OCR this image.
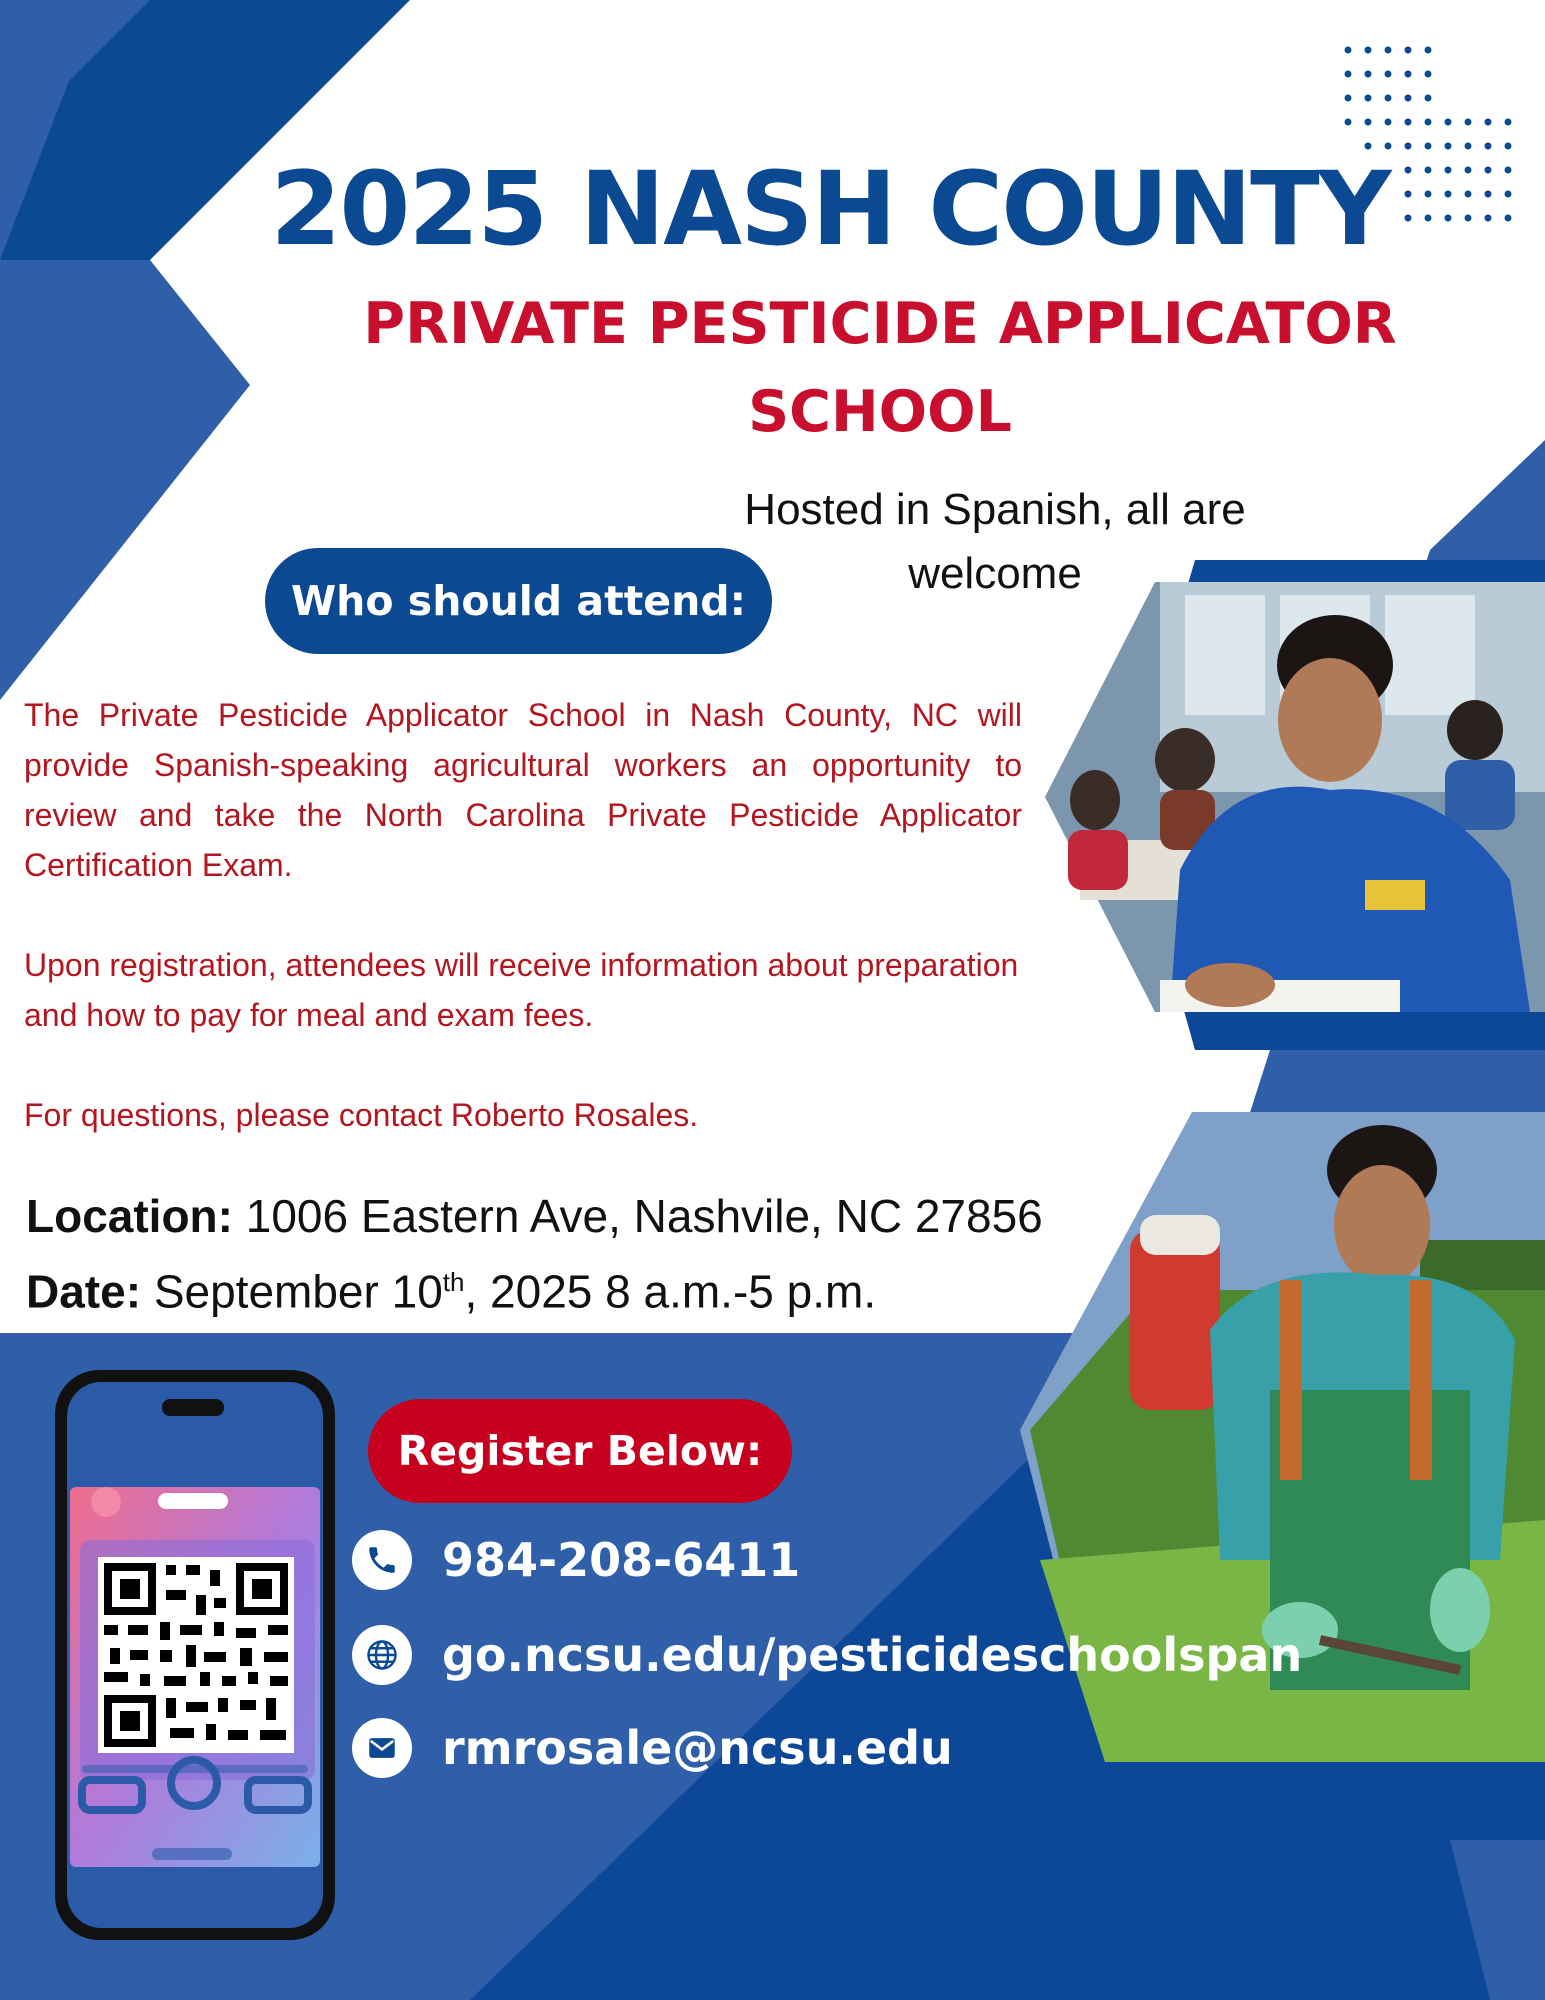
2025 NASH COUNTY
PRIVATE PESTICIDE APPLICATOR
SCHOOL
Hosted in Spanish, all are
welcome
Who should attend:
The Private Pesticide Applicator School in Nash County, NC will provide Spanish-speaking agricultural workers an opportunity to review and take the North Carolina Private Pesticide Applicator Certification Exam.
Upon registration, attendees will receive information about preparation and how to pay for meal and exam fees.
For questions, please contact Roberto Rosales.
Location: 1006 Eastern Ave, Nashvile, NC 27856
Date: September 10th, 2025 8 a.m.-5 p.m.
Register Below:
984-208-6411
go.ncsu.edu/pesticideschoolspan
rmrosale@ncsu.edu
